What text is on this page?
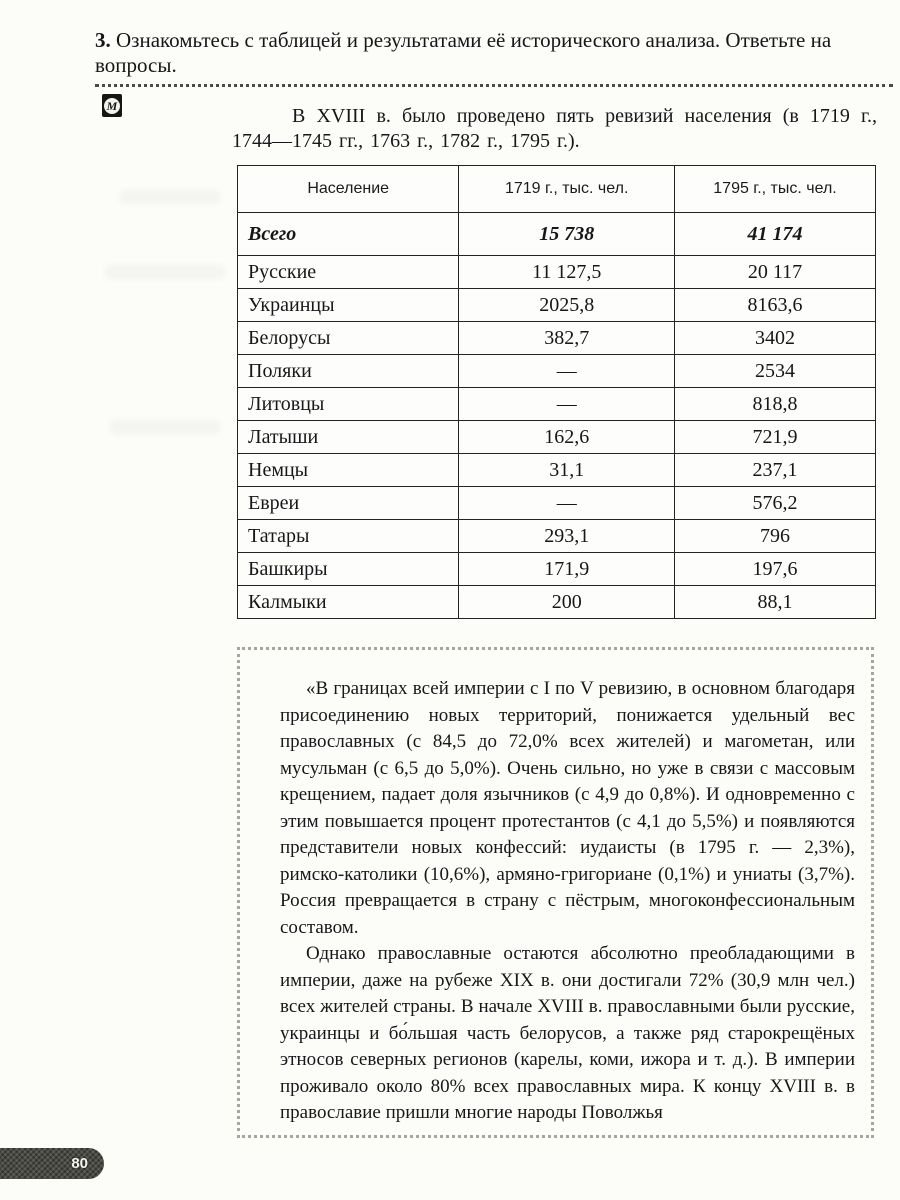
3. Ознакомьтесь с таблицей и результатами её исторического анализа. Ответьте на вопросы.
М	В XVIII в. было проведено пять ревизий населения (в 1719 г., 1744—1745 гг., 1763 г., 1782 г., 1795 г.).

Население	1719 г., тыс. чел.	1795 г., тыс. чел.
Всего	15 738	41 174
Русские	11 127,5	20 117
Украинцы	2025,8	8163,6
Белорусы	382,7	3402
Поляки	—	2534
Литовцы	—	818,8
Латыши	162,6	721,9
Немцы	31,1	237,1
Евреи	—	576,2
Татары	293,1	796
Башкиры	171,9	197,6
Калмыки	200	88,1

«В границах всей империи с I по V ревизию, в основном благодаря присоединению новых территорий, понижается удельный вес православных (с 84,5 до 72,0% всех жителей) и магометан, или мусульман (с 6,5 до 5,0%). Очень сильно, но уже в связи с массовым крещением, падает доля язычников (с 4,9 до 0,8%). И одновременно с этим повышается процент протестантов (с 4,1 до 5,5%) и появляются представители новых конфессий: иудаисты (в 1795 г. — 2,3%), римско-католики (10,6%), армяно-григориане (0,1%) и униаты (3,7%). Россия превращается в страну с пёстрым, многоконфессиональным составом.

Однако православные остаются абсолютно преобладающими в империи, даже на рубеже XIX в. они достигали 72% (30,9 млн чел.) всех жителей страны. В начале XVIII в. православными были русские, украинцы и бо́льшая часть белорусов, а также ряд старокрещёных этносов северных регионов (карелы, коми, ижора и т. д.). В империи проживало около 80% всех православных мира. К концу XVIII в. в православие пришли многие народы Поволжья

80
